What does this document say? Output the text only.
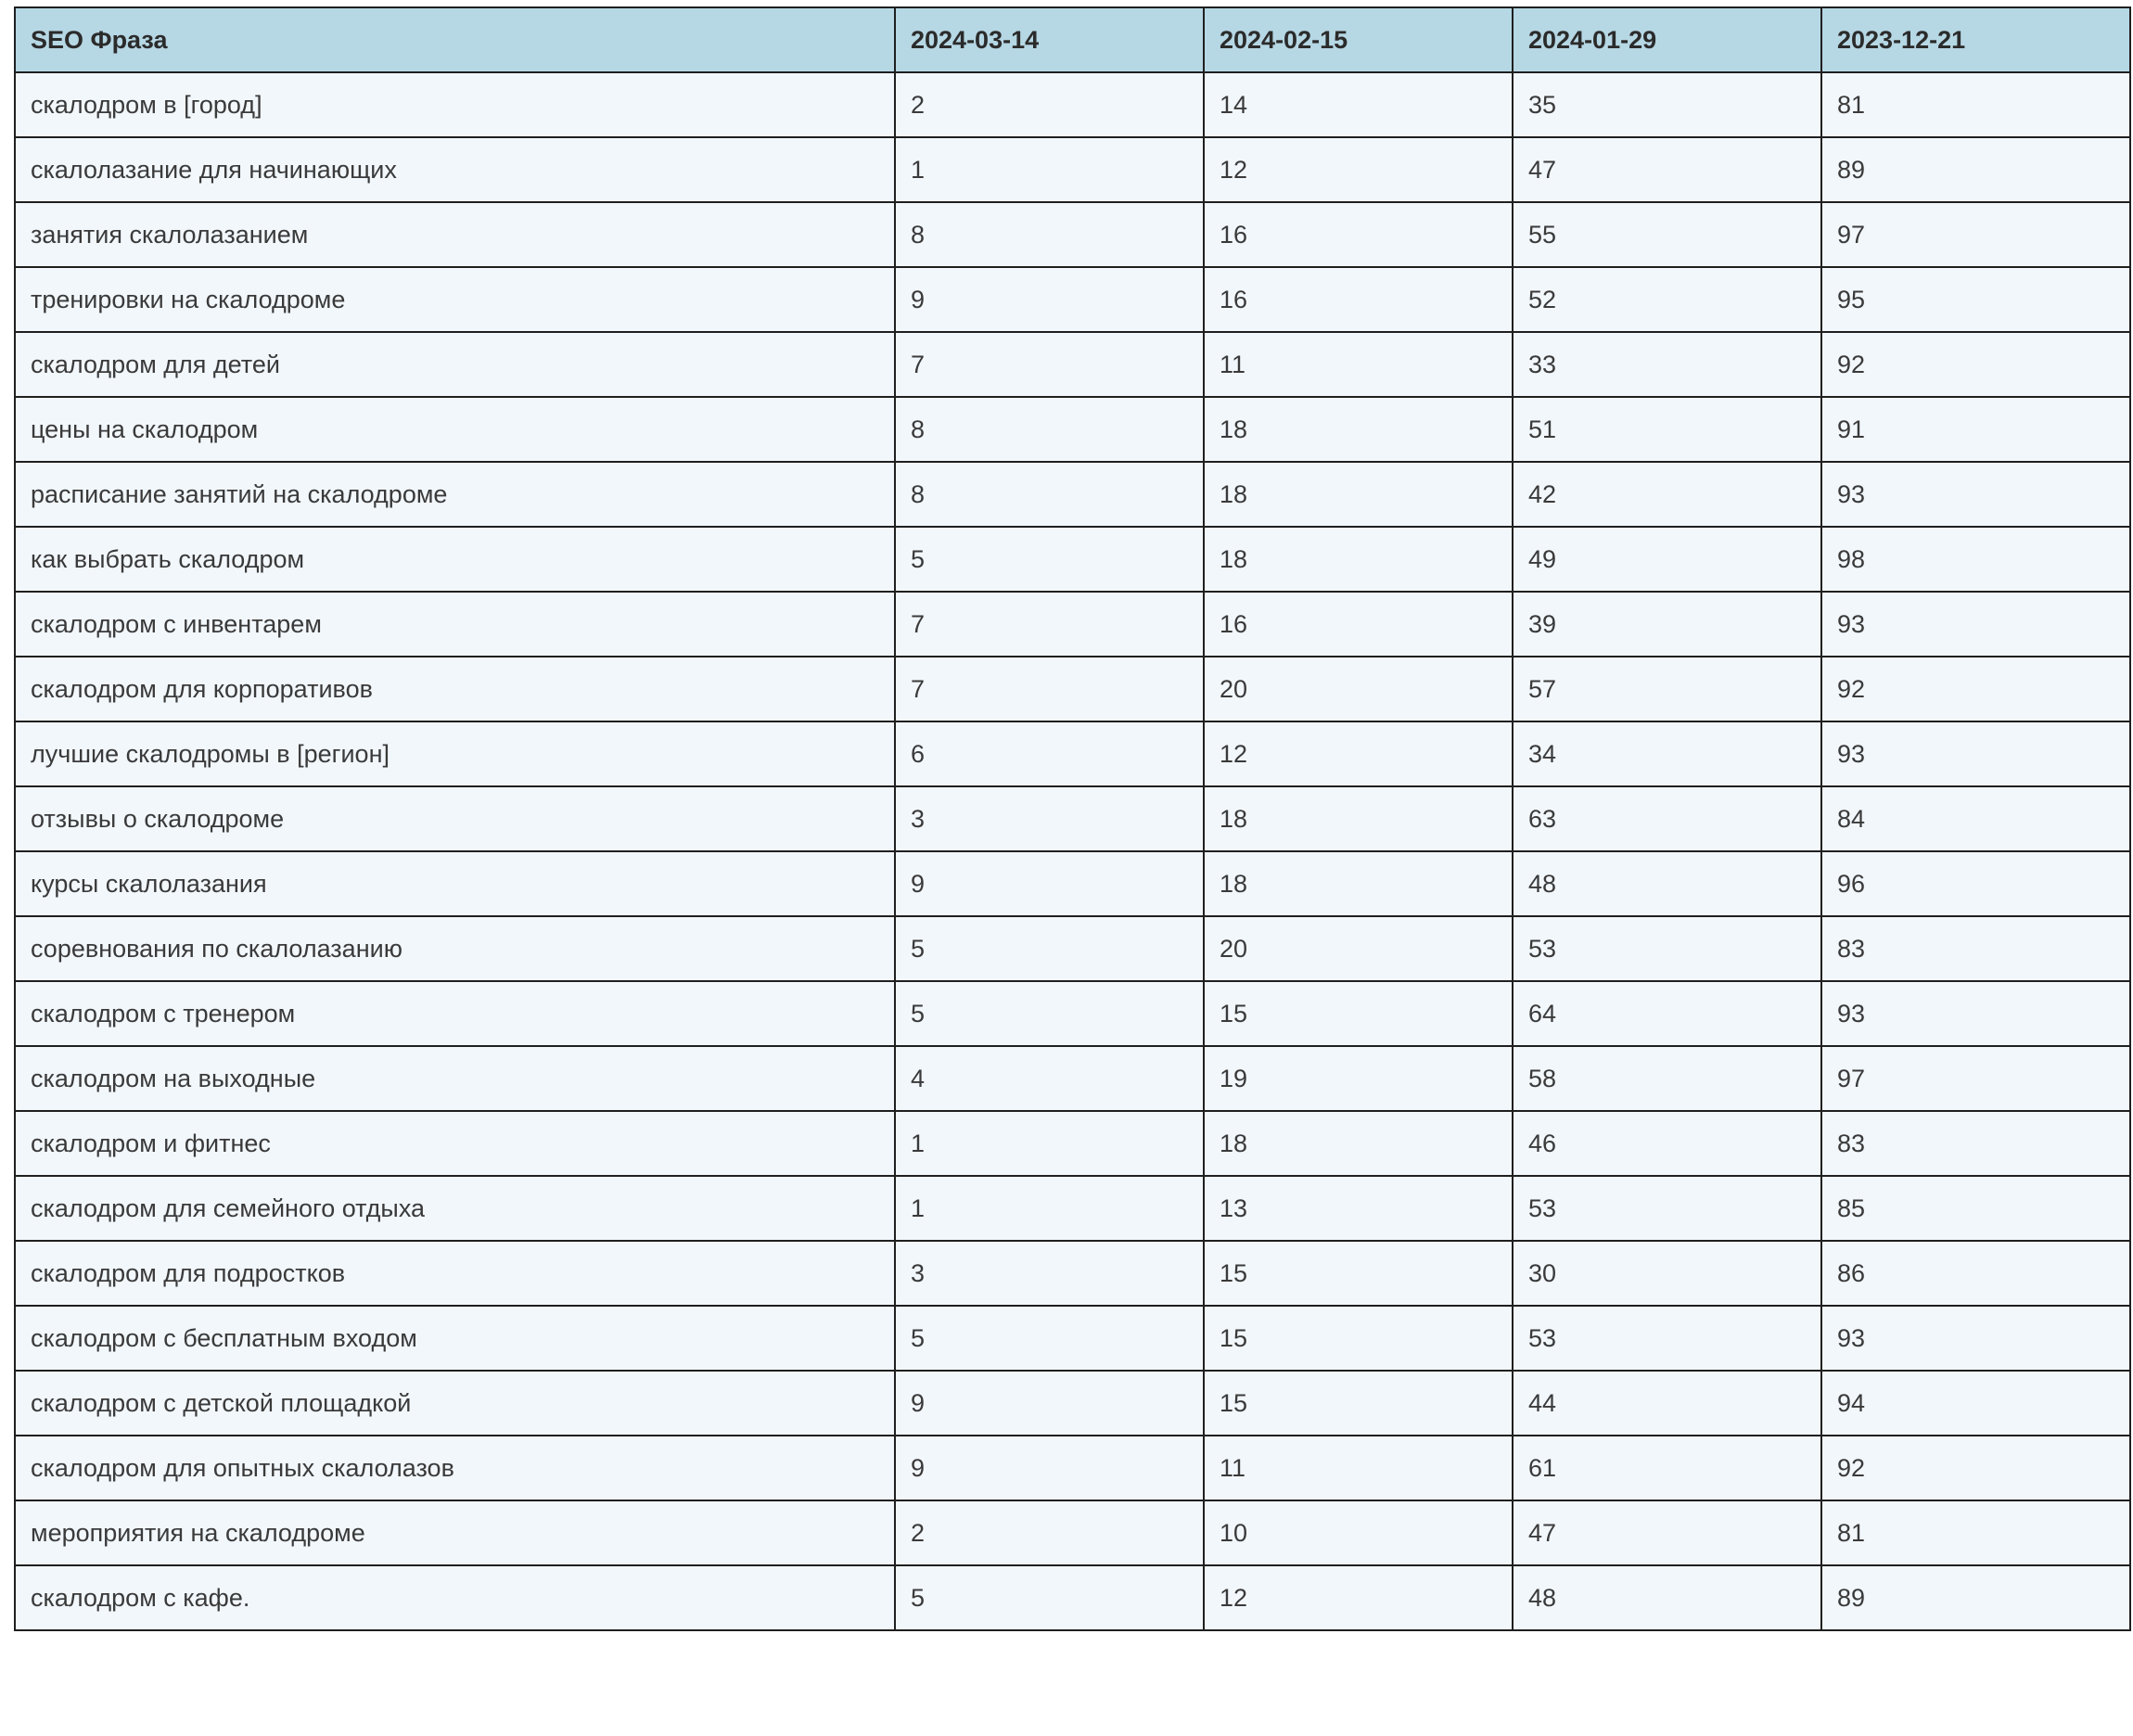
SEO Фраза	2024-03-14	2024-02-15	2024-01-29	2023-12-21
скалодром в [город]	2	14	35	81
скалолазание для начинающих	1	12	47	89
занятия скалолазанием	8	16	55	97
тренировки на скалодроме	9	16	52	95
скалодром для детей	7	11	33	92
цены на скалодром	8	18	51	91
расписание занятий на скалодроме	8	18	42	93
как выбрать скалодром	5	18	49	98
скалодром с инвентарем	7	16	39	93
скалодром для корпоративов	7	20	57	92
лучшие скалодромы в [регион]	6	12	34	93
отзывы о скалодроме	3	18	63	84
курсы скалолазания	9	18	48	96
соревнования по скалолазанию	5	20	53	83
скалодром с тренером	5	15	64	93
скалодром на выходные	4	19	58	97
скалодром и фитнес	1	18	46	83
скалодром для семейного отдыха	1	13	53	85
скалодром для подростков	3	15	30	86
скалодром с бесплатным входом	5	15	53	93
скалодром с детской площадкой	9	15	44	94
скалодром для опытных скалолазов	9	11	61	92
мероприятия на скалодроме	2	10	47	81
скалодром с кафе.	5	12	48	89
